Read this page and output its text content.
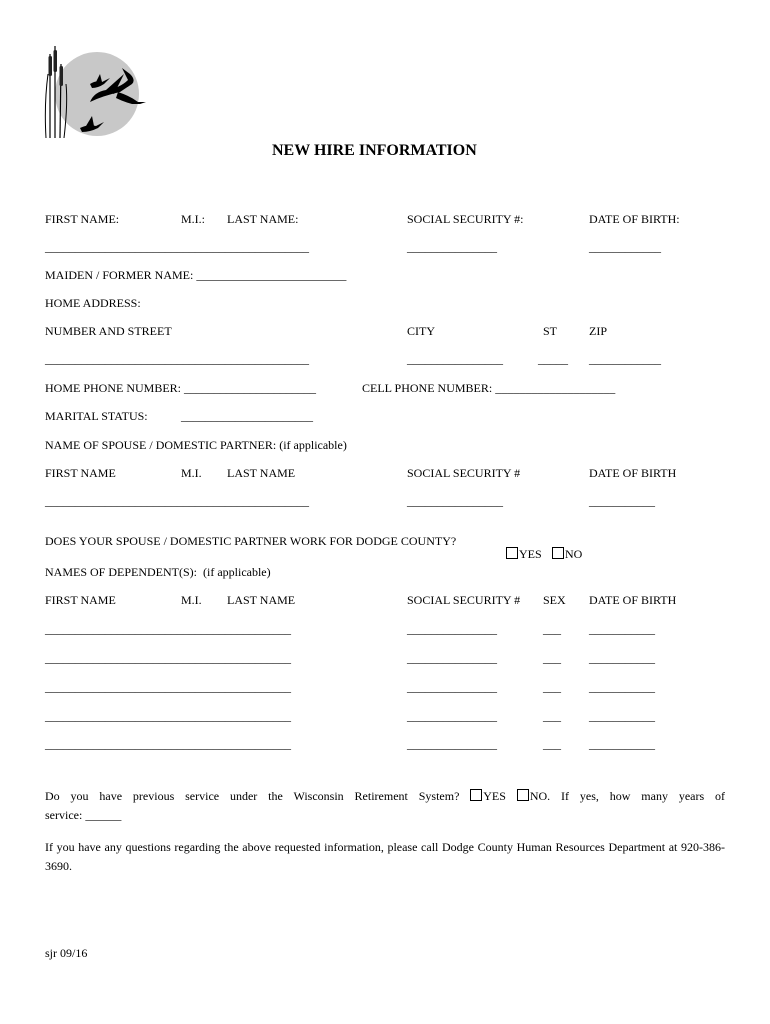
NEW HIRE INFORMATION
FIRST NAME:	M.I.: LAST NAME:	SOCIAL SECURITY #:	DATE OF BIRTH:
____________________________________________	_______________	____________
MAIDEN / FORMER NAME: _________________________
HOME ADDRESS:
NUMBER AND STREET	CITY	ST	ZIP
____________________________________________	________________	_____ ____________
HOME PHONE NUMBER: ______________________	CELL PHONE NUMBER: ____________________
MARITAL STATUS:	______________________
NAME OF SPOUSE / DOMESTIC PARTNER: (if applicable)
FIRST NAME	M.I. LAST NAME	SOCIAL SECURITY #	DATE OF BIRTH
____________________________________________	________________	___________
DOES YOUR SPOUSE / DOMESTIC PARTNER WORK FOR DODGE COUNTY?

YES	NO

NAMES OF DEPENDENT(S):  (if applicable)
FIRST NAME	M.I. LAST NAME	SOCIAL SECURITY # SEX DATE OF BIRTH
_________________________________________	_______________	___ ___________
_________________________________________	_______________	___ ___________
_________________________________________	_______________	___ ___________
_________________________________________	_______________	___ ___________
_________________________________________	_______________	___ ___________
Do you have previous service under the Wisconsin Retirement System? YES NO. If yes, how many years of
service: ______
If you have any questions regarding the above requested information, please call Dodge County Human Resources Department at 920-386-3690.
sjr 09/16
